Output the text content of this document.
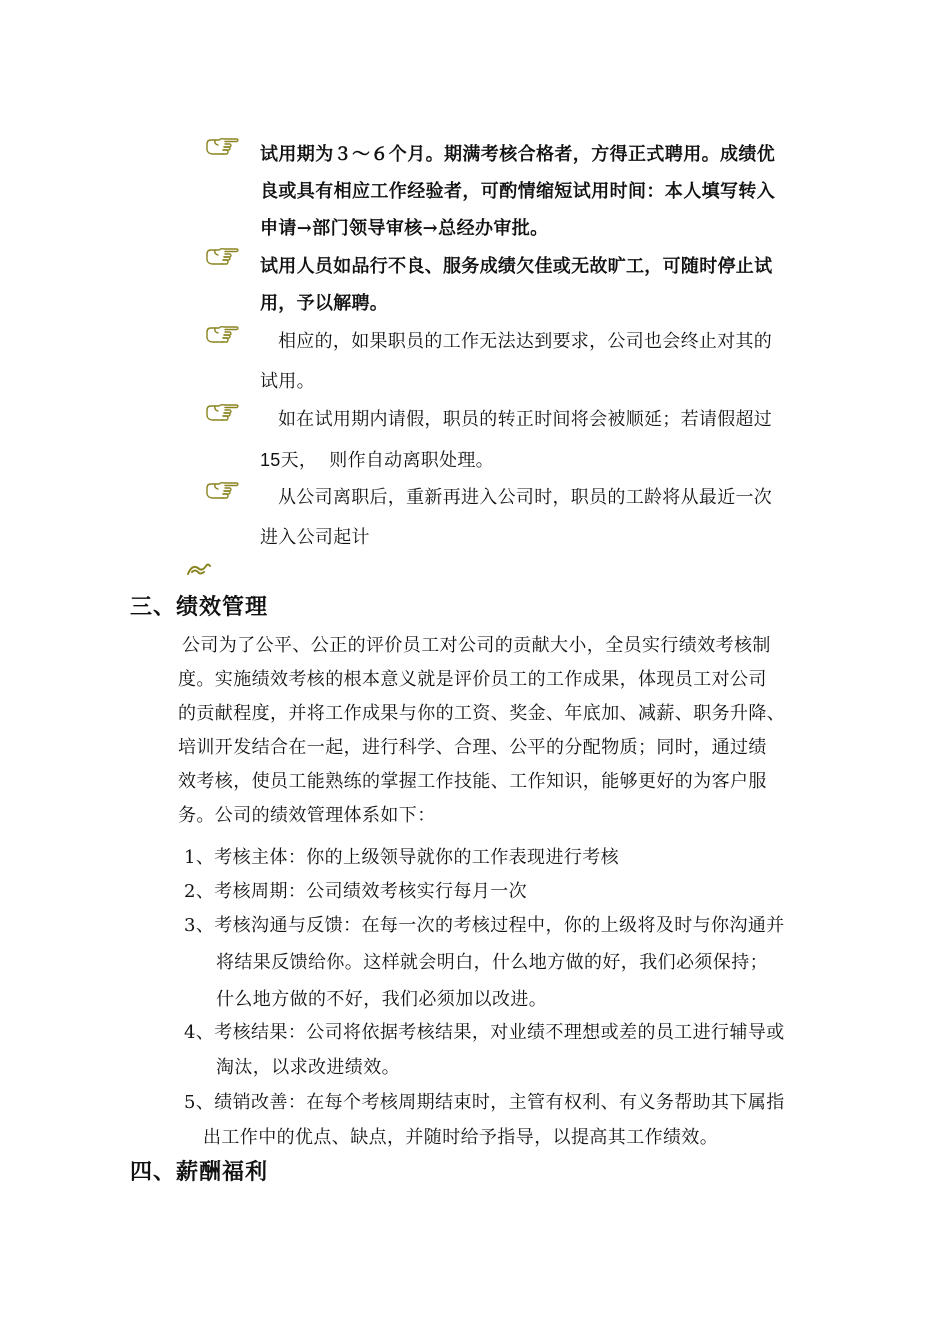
试用期为３～６个月。期满考核合格者，方得正式聘用。成绩优
良或具有相应工作经验者，可酌情缩短试用时间：本人填写转入
申请→部门领导审核→总经办审批。
试用人员如品行不良、服务成绩欠佳或无故旷工，可随时停止试
用，予以解聘。
相应的，如果职员的工作无法达到要求，公司也会终止对其的
试用。
如在试用期内请假，职员的转正时间将会被顺延；若请假超过
15天，  则作自动离职处理。
从公司离职后，重新再进入公司时，职员的工龄将从最近一次
进入公司起计
三、绩效管理
公司为了公平、公正的评价员工对公司的贡献大小，全员实行绩效考核制
度。实施绩效考核的根本意义就是评价员工的工作成果，体现员工对公司
的贡献程度，并将工作成果与你的工资、奖金、年底加、减薪、职务升降、
培训开发结合在一起，进行科学、合理、公平的分配物质；同时，通过绩
效考核，使员工能熟练的掌握工作技能、工作知识，能够更好的为客户服
务。公司的绩效管理体系如下：
1、考核主体：你的上级领导就你的工作表现进行考核
2、考核周期：公司绩效考核实行每月一次
3、考核沟通与反馈：在每一次的考核过程中，你的上级将及时与你沟通并
将结果反馈给你。这样就会明白，什么地方做的好，我们必须保持；
什么地方做的不好，我们必须加以改进。
4、考核结果：公司将依据考核结果，对业绩不理想或差的员工进行辅导或
淘汰，以求改进绩效。
5、绩销改善：在每个考核周期结束时，主管有权利、有义务帮助其下属指
出工作中的优点、缺点，并随时给予指导，以提高其工作绩效。
四、薪酬福利
